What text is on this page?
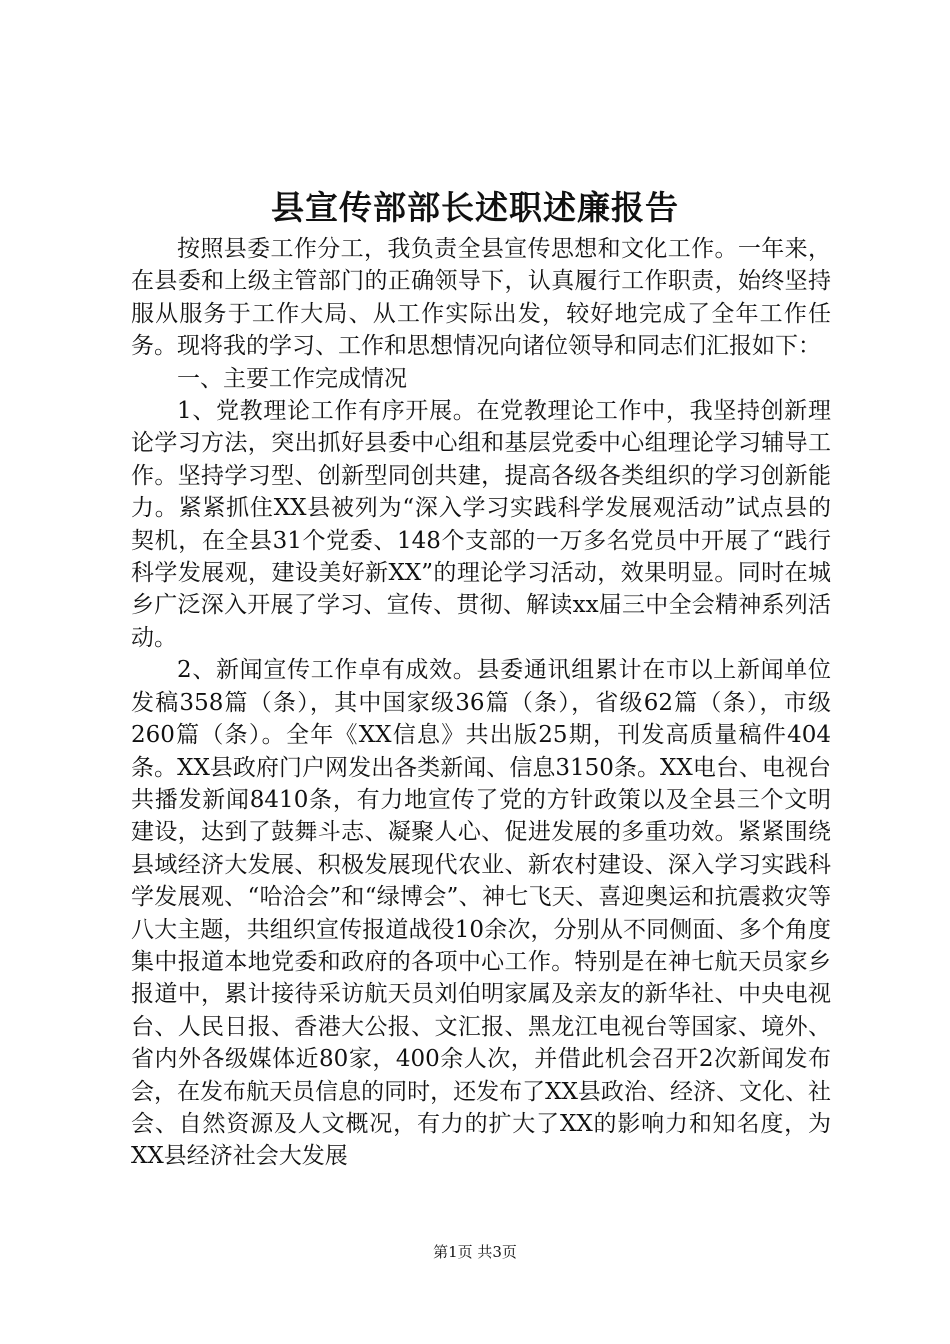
县宣传部部长述职述廉报告

按照县委工作分工，我负责全县宣传思想和文化工作。一年来，在县委和上级主管部门的正确领导下，认真履行工作职责，始终坚持服从服务于工作大局、从工作实际出发，较好地完成了全年工作任务。现将我的学习、工作和思想情况向诸位领导和同志们汇报如下：

一、主要工作完成情况

1、党教理论工作有序开展。在党教理论工作中，我坚持创新理论学习方法，突出抓好县委中心组和基层党委中心组理论学习辅导工作。坚持学习型、创新型同创共建，提高各级各类组织的学习创新能力。紧紧抓住XX县被列为“深入学习实践科学发展观活动”试点县的契机，在全县31个党委、148个支部的一万多名党员中开展了“践行科学发展观，建设美好新XX”的理论学习活动，效果明显。同时在城乡广泛深入开展了学习、宣传、贯彻、解读xx届三中全会精神系列活动。

2、新闻宣传工作卓有成效。县委通讯组累计在市以上新闻单位发稿358篇（条），其中国家级36篇（条），省级62篇（条），市级260篇（条）。全年《XX信息》共出版25期，刊发高质量稿件404条。XX县政府门户网发出各类新闻、信息3150条。XX电台、电视台共播发新闻8410条，有力地宣传了党的方针政策以及全县三个文明建设，达到了鼓舞斗志、凝聚人心、促进发展的多重功效。紧紧围绕县域经济大发展、积极发展现代农业、新农村建设、深入学习实践科学发展观、“哈洽会”和“绿博会”、神七飞天、喜迎奥运和抗震救灾等八大主题，共组织宣传报道战役10余次，分别从不同侧面、多个角度集中报道本地党委和政府的各项中心工作。特别是在神七航天员家乡报道中，累计接待采访航天员刘伯明家属及亲友的新华社、中央电视台、人民日报、香港大公报、文汇报、黑龙江电视台等国家、境外、省内外各级媒体近80家，400余人次，并借此机会召开2次新闻发布会，在发布航天员信息的同时，还发布了XX县政治、经济、文化、社会、自然资源及人文概况，有力的扩大了XX的影响力和知名度，为XX县经济社会大发展

第1页 共3页
